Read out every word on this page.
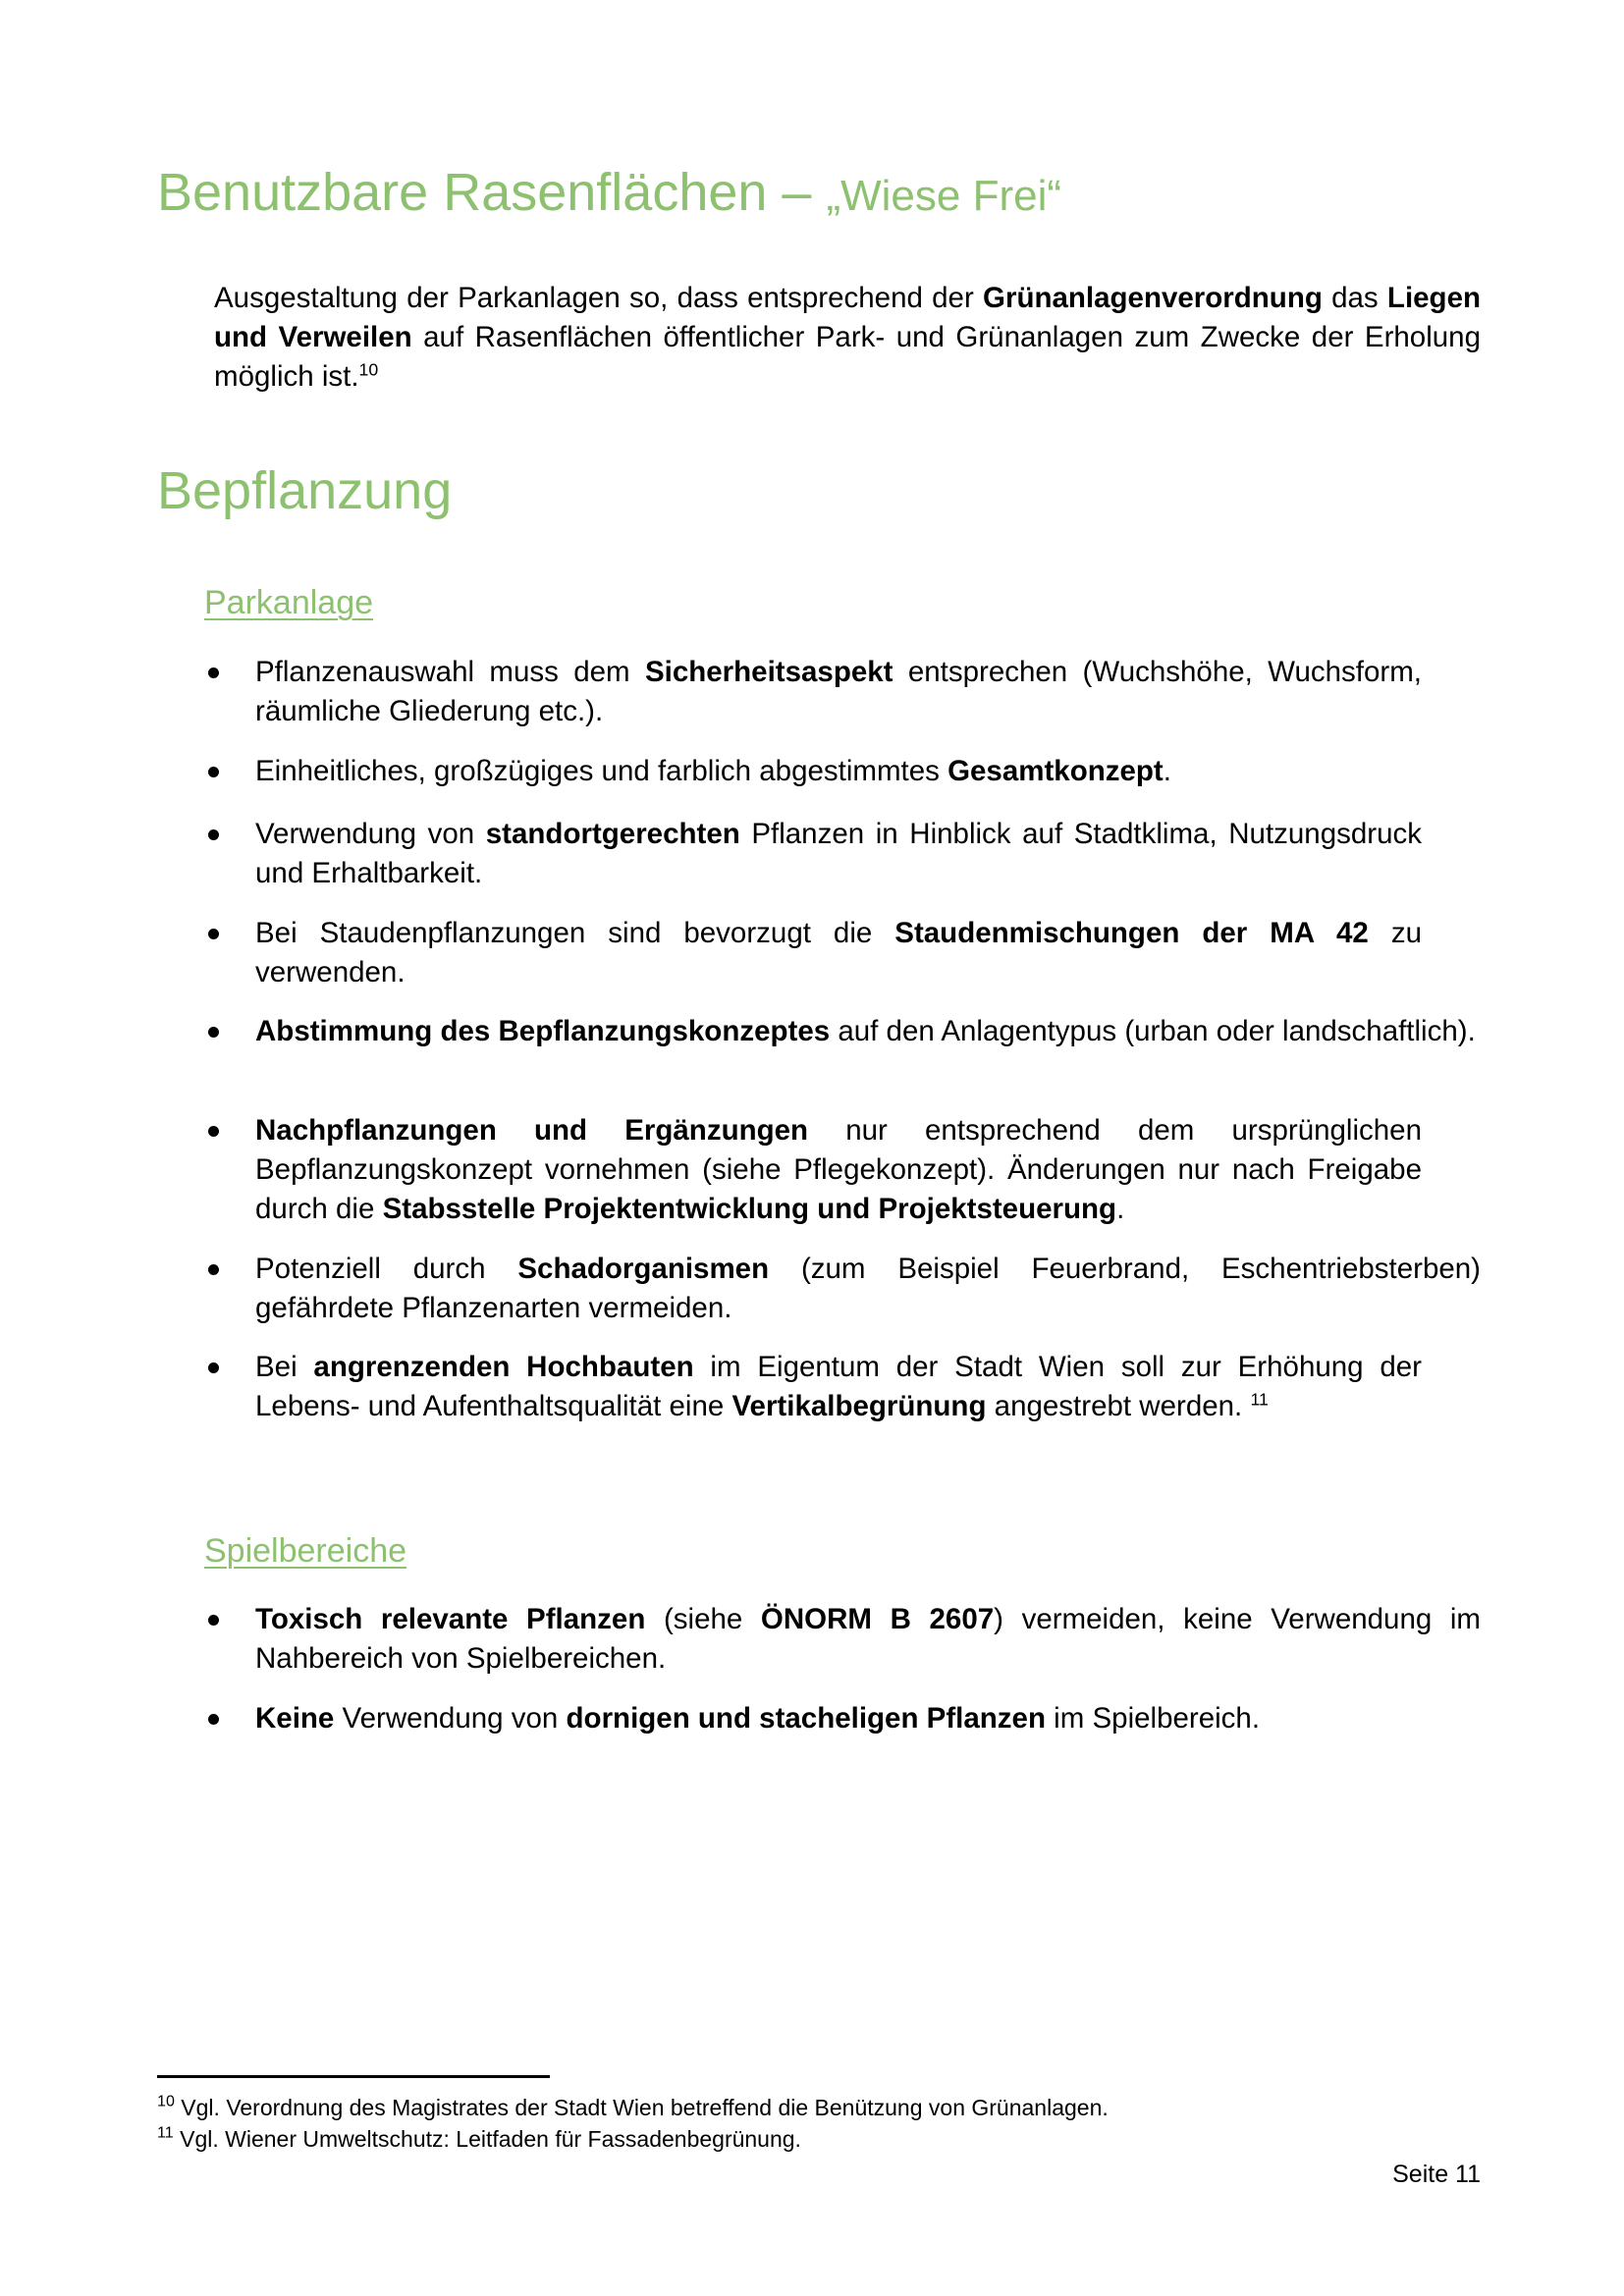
Benutzbare Rasenflächen – „Wiese Frei“

Ausgestaltung der Parkanlagen so, dass entsprechend der Grünanlagenverordnung das Liegen und Verweilen auf Rasenflächen öffentlicher Park- und Grünanlagen zum Zwecke der Erholung möglich ist.$^{10}$

Bepflanzung
Parkanlage
Pflanzenauswahl muss dem Sicherheitsaspekt entsprechen (Wuchshöhe, Wuchsform, räumliche Gliederung etc.).
Einheitliches, großzügiges und farblich abgestimmtes Gesamtkonzept.
Verwendung von standortgerechten Pflanzen in Hinblick auf Stadtklima, Nutzungsdruck und Erhaltbarkeit.
Bei Staudenpflanzungen sind bevorzugt die Staudenmischungen der MA 42 zu verwenden.
Abstimmung des Bepflanzungskonzeptes auf den Anlagentypus (urban oder landschaftlich).
Nachpflanzungen und Ergänzungen nur entsprechend dem ursprünglichen Bepflanzungskonzept vornehmen (siehe Pflegekonzept). Änderungen nur nach Freigabe durch die Stabsstelle Projektentwicklung und Projektsteuerung.
Potenziell durch Schadorganismen (zum Beispiel Feuerbrand, Eschentriebsterben) gefährdete Pflanzenarten vermeiden.
Bei angrenzenden Hochbauten im Eigentum der Stadt Wien soll zur Erhöhung der Lebens- und Aufenthaltsqualität eine Vertikalbegrünung angestrebt werden. $^{11}$
Spielbereiche
Toxisch relevante Pflanzen (siehe ÖNORM B 2607) vermeiden, keine Verwendung im Nahbereich von Spielbereichen.
Keine Verwendung von dornigen und stacheligen Pflanzen im Spielbereich.

$^{10}$ Vgl. Verordnung des Magistrates der Stadt Wien betreffend die Benützung von Grünanlagen.

$^{11}$ Vgl. Wiener Umweltschutz: Leitfaden für Fassadenbegrünung.

Seite 11
